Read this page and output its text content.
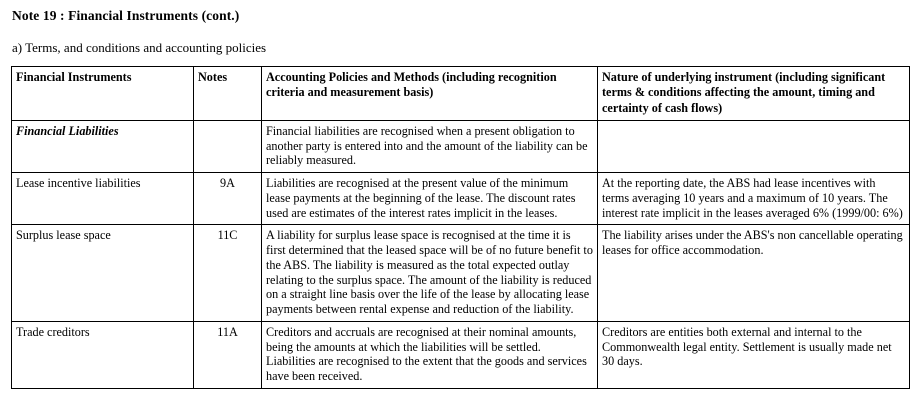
Note 19 : Financial Instruments (cont.)
a) Terms, and conditions and accounting policies
Financial Instruments	Notes	Accounting Policies and Methods (including recognition criteria and measurement basis)	Nature of underlying instrument (including significant terms & conditions affecting the amount, timing and certainty of cash flows)
Financial Liabilities		Financial liabilities are recognised when a present obligation to another party is entered into and the amount of the liability can be reliably measured.	
Lease incentive liabilities	9A	Liabilities are recognised at the present value of the minimum lease payments at the beginning of the lease. The discount rates used are estimates of the interest rates implicit in the leases.	At the reporting date, the ABS had lease incentives with terms averaging 10 years and a maximum of 10 years. The interest rate implicit in the leases averaged 6% (1999/00: 6%)
Surplus lease space	11C	A liability for surplus lease space is recognised at the time it is first determined that the leased space will be of no future benefit to the ABS. The liability is measured as the total expected outlay relating to the surplus space. The amount of the liability is reduced on a straight line basis over the life of the lease by allocating lease payments between rental expense and reduction of the liability.	The liability arises under the ABS's non cancellable operating leases for office accommodation.
Trade creditors	11A	Creditors and accruals are recognised at their nominal amounts, being the amounts at which the liabilities will be settled. Liabilities are recognised to the extent that the goods and services have been received.	Creditors are entities both external and internal to the Commonwealth legal entity. Settlement is usually made net 30 days.
